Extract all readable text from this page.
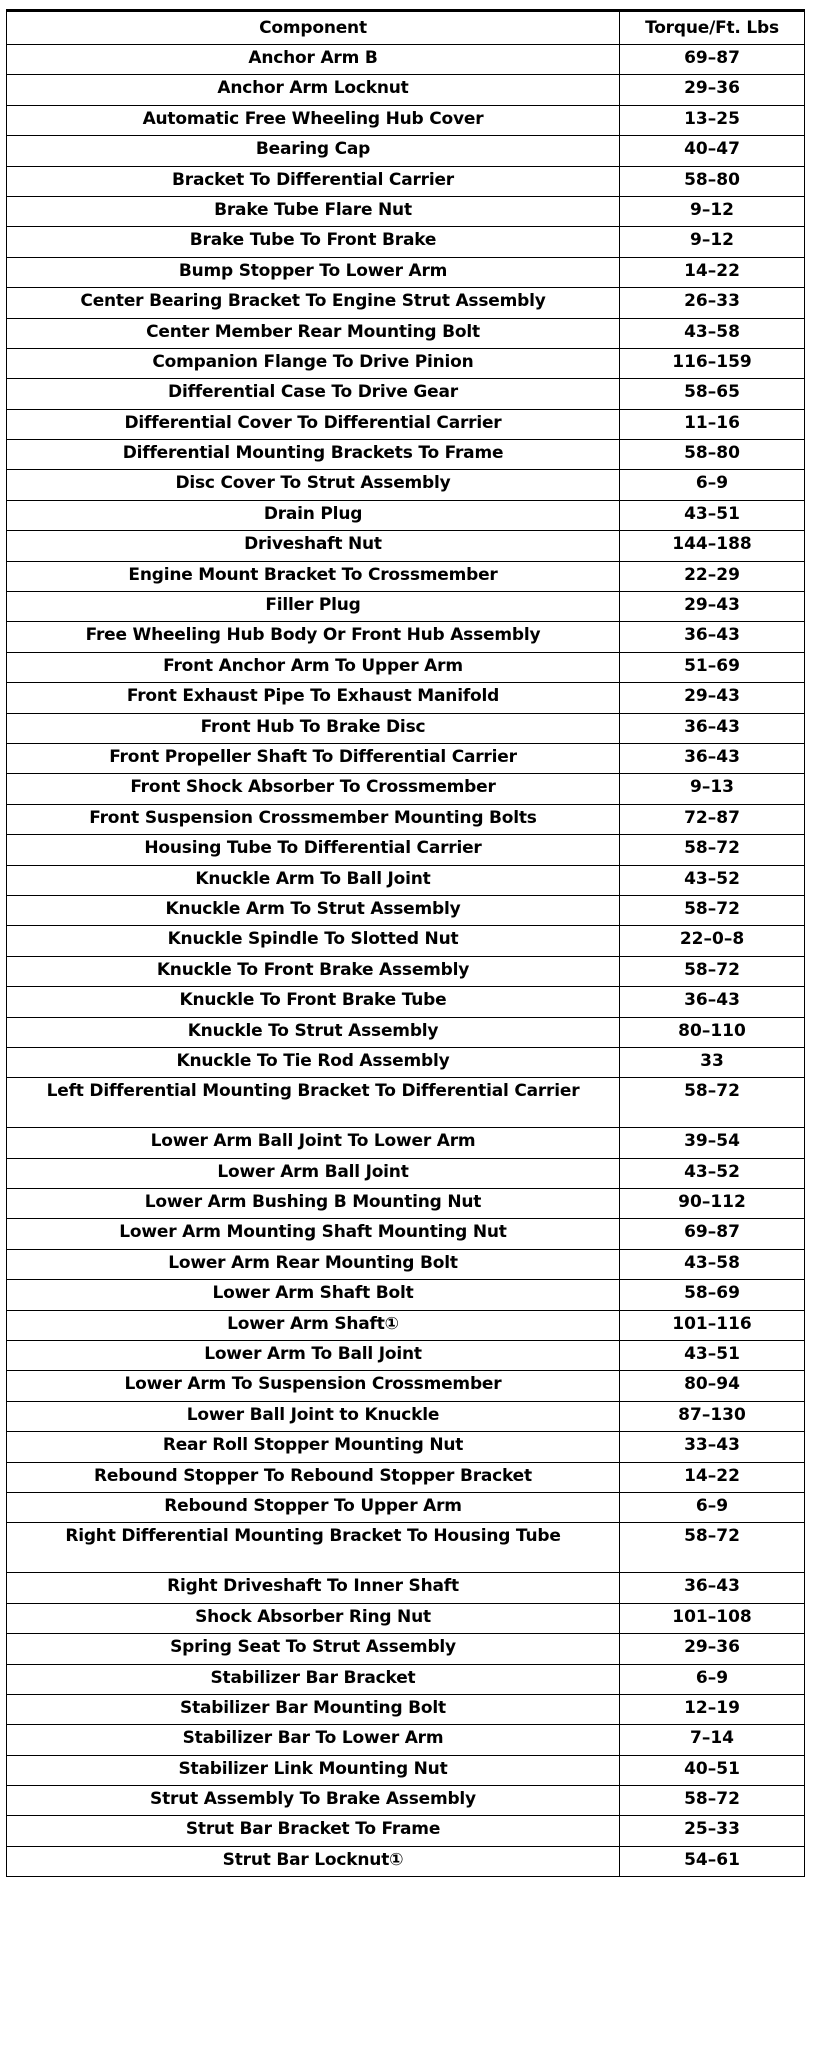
Component	Torque/Ft. Lbs
Anchor Arm B	69–87
Anchor Arm Locknut	29–36
Automatic Free Wheeling Hub Cover	13–25
Bearing Cap	40–47
Bracket To Differential Carrier	58–80
Brake Tube Flare Nut	9–12
Brake Tube To Front Brake	9–12
Bump Stopper To Lower Arm	14–22
Center Bearing Bracket To Engine Strut Assembly	26–33
Center Member Rear Mounting Bolt	43–58
Companion Flange To Drive Pinion	116–159
Differential Case To Drive Gear	58–65
Differential Cover To Differential Carrier	11–16
Differential Mounting Brackets To Frame	58–80
Disc Cover To Strut Assembly	6–9
Drain Plug	43–51
Driveshaft Nut	144–188
Engine Mount Bracket To Crossmember	22–29
Filler Plug	29–43
Free Wheeling Hub Body Or Front Hub Assembly	36–43
Front Anchor Arm To Upper Arm	51–69
Front Exhaust Pipe To Exhaust Manifold	29–43
Front Hub To Brake Disc	36–43
Front Propeller Shaft To Differential Carrier	36–43
Front Shock Absorber To Crossmember	9–13
Front Suspension Crossmember Mounting Bolts	72–87
Housing Tube To Differential Carrier	58–72
Knuckle Arm To Ball Joint	43–52
Knuckle Arm To Strut Assembly	58–72
Knuckle Spindle To Slotted Nut	22–0–8
Knuckle To Front Brake Assembly	58–72
Knuckle To Front Brake Tube	36–43
Knuckle To Strut Assembly	80–110
Knuckle To Tie Rod Assembly	33
Left Differential Mounting Bracket To Differential Carrier	58–72
Lower Arm Ball Joint To Lower Arm	39–54
Lower Arm Ball Joint	43–52
Lower Arm Bushing B Mounting Nut	90–112
Lower Arm Mounting Shaft Mounting Nut	69–87
Lower Arm Rear Mounting Bolt	43–58
Lower Arm Shaft Bolt	58–69
Lower Arm Shaft①	101–116
Lower Arm To Ball Joint	43–51
Lower Arm To Suspension Crossmember	80–94
Lower Ball Joint to Knuckle	87–130
Rear Roll Stopper Mounting Nut	33–43
Rebound Stopper To Rebound Stopper Bracket	14–22
Rebound Stopper To Upper Arm	6–9
Right Differential Mounting Bracket To Housing Tube	58–72
Right Driveshaft To Inner Shaft	36–43
Shock Absorber Ring Nut	101–108
Spring Seat To Strut Assembly	29–36
Stabilizer Bar Bracket	6–9
Stabilizer Bar Mounting Bolt	12–19
Stabilizer Bar To Lower Arm	7–14
Stabilizer Link Mounting Nut	40–51
Strut Assembly To Brake Assembly	58–72
Strut Bar Bracket To Frame	25–33
Strut Bar Locknut①	54–61
